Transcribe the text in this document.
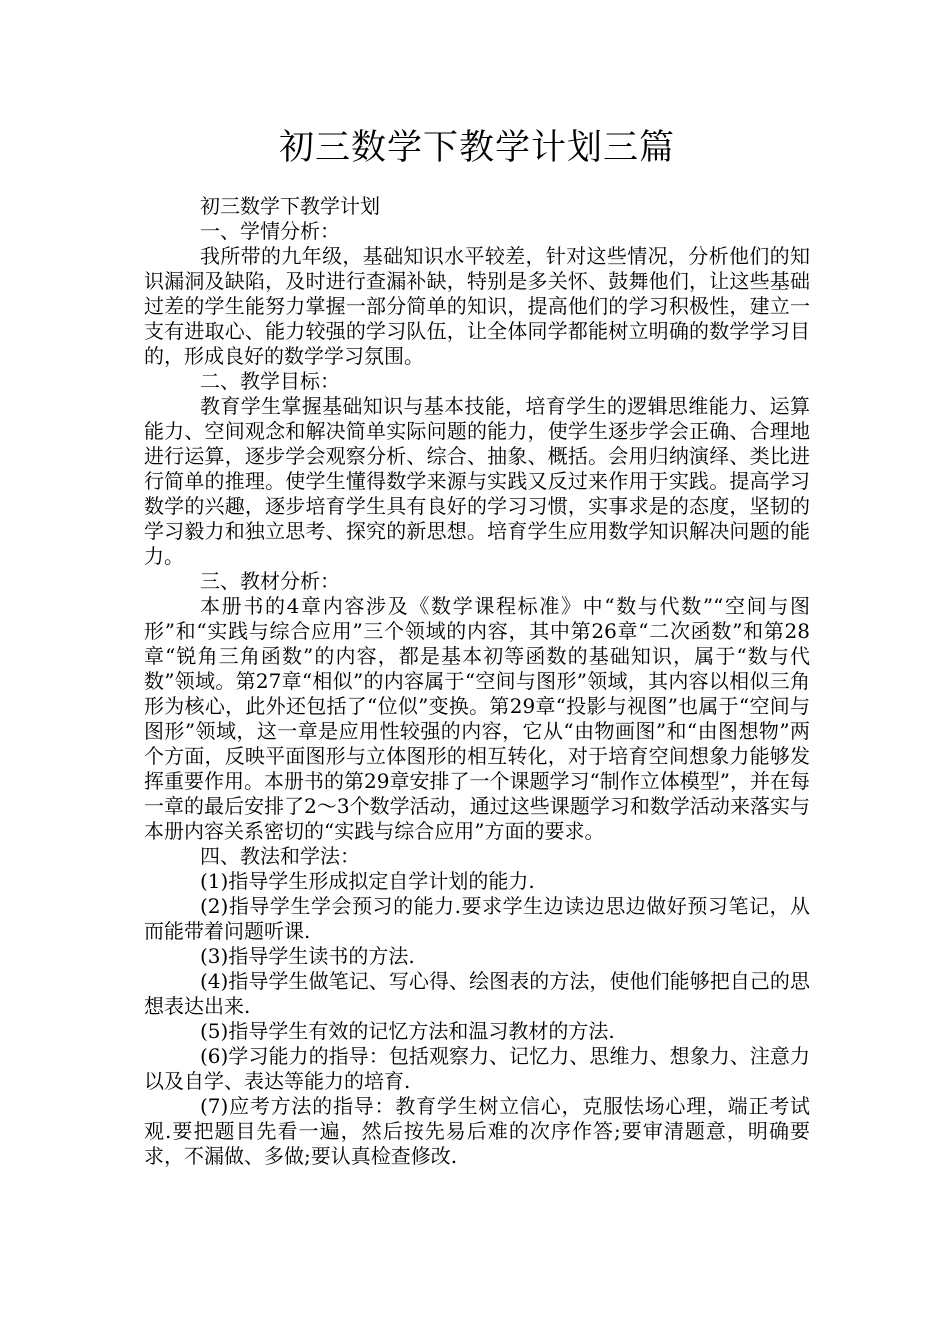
初三数学下教学计划三篇

初三数学下教学计划

一、学情分析：

我所带的九年级，基础知识水平较差，针对这些情况，分析他们的知识漏洞及缺陷，及时进行查漏补缺，特别是多关怀、鼓舞他们，让这些基础过差的学生能努力掌握一部分简单的知识，提高他们的学习积极性，建立一支有进取心、能力较强的学习队伍，让全体同学都能树立明确的数学学习目的，形成良好的数学学习氛围。

二、教学目标：

教育学生掌握基础知识与基本技能，培育学生的逻辑思维能力、运算能力、空间观念和解决简单实际问题的能力，使学生逐步学会正确、合理地进行运算，逐步学会观察分析、综合、抽象、概括。会用归纳演绎、类比进行简单的推理。使学生懂得数学来源与实践又反过来作用于实践。提高学习数学的兴趣，逐步培育学生具有良好的学习习惯，实事求是的态度，坚韧的学习毅力和独立思考、探究的新思想。培育学生应用数学知识解决问题的能力。

三、教材分析：

本册书的4章内容涉及《数学课程标准》中“数与代数”“空间与图形”和“实践与综合应用”三个领域的内容，其中第26章“二次函数”和第28章“锐角三角函数”的内容，都是基本初等函数的基础知识，属于“数与代数”领域。第27章“相似”的内容属于“空间与图形”领域，其内容以相似三角形为核心，此外还包括了“位似”变换。第29章“投影与视图”也属于“空间与图形”领域，这一章是应用性较强的内容，它从“由物画图”和“由图想物”两个方面，反映平面图形与立体图形的相互转化，对于培育空间想象力能够发挥重要作用。本册书的第29章安排了一个课题学习“制作立体模型”，并在每一章的最后安排了2～3个数学活动，通过这些课题学习和数学活动来落实与本册内容关系密切的“实践与综合应用”方面的要求。

四、教法和学法：

(1)指导学生形成拟定自学计划的能力.

(2)指导学生学会预习的能力.要求学生边读边思边做好预习笔记，从而能带着问题听课.

(3)指导学生读书的方法.

(4)指导学生做笔记、写心得、绘图表的方法，使他们能够把自己的思想表达出来.

(5)指导学生有效的记忆方法和温习教材的方法.

(6)学习能力的指导：包括观察力、记忆力、思维力、想象力、注意力以及自学、表达等能力的培育.

(7)应考方法的指导：教育学生树立信心，克服怯场心理，端正考试观.要把题目先看一遍，然后按先易后难的次序作答;要审清题意，明确要求，不漏做、多做;要认真检查修改.
